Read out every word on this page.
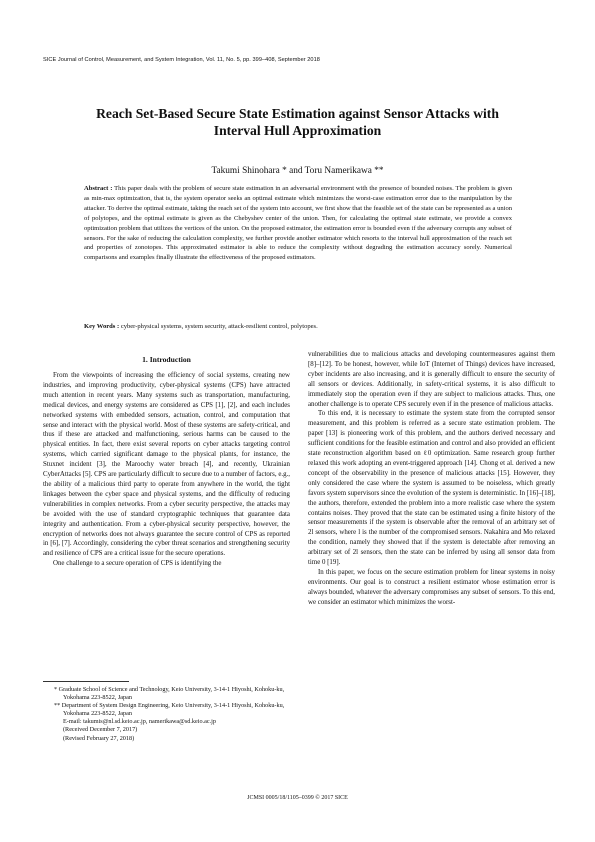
SICE Journal of Control, Measurement, and System Integration, Vol. 11, No. 5, pp. 399–408, September 2018
Reach Set-Based Secure State Estimation against Sensor Attacks with
Interval Hull Approximation
Takumi Shinohara * and Toru Namerikawa **
Abstract : This paper deals with the problem of secure state estimation in an adversarial environment with the presence of bounded noises. The problem is given as min-max optimization, that is, the system operator seeks an optimal estimate which minimizes the worst-case estimation error due to the manipulation by the attacker. To derive the optimal estimate, taking the reach set of the system into account, we first show that the feasible set of the state can be represented as a union of polytopes, and the optimal estimate is given as the Chebyshev center of the union. Then, for calculating the optimal state estimate, we provide a convex optimization problem that utilizes the vertices of the union. On the proposed estimator, the estimation error is bounded even if the adversary corrupts any subset of sensors. For the sake of reducing the calculation complexity, we further provide another estimator which resorts to the interval hull approximation of the reach set and properties of zonotopes. This approximated estimator is able to reduce the complexity without degrading the estimation accuracy sorely. Numerical comparisons and examples finally illustrate the effectiveness of the proposed estimators.
Key Words : cyber-physical systems, system security, attack-resilient control, polytopes.
1. Introduction

From the viewpoints of increasing the efficiency of social systems, creating new industries, and improving productivity, cyber-physical systems (CPS) have attracted much attention in recent years. Many systems such as transportation, manufacturing, medical devices, and energy systems are considered as CPS [1], [2], and each includes networked systems with embedded sensors, actuation, control, and computation that sense and interact with the physical world. Most of these systems are safety-critical, and thus if these are attacked and malfunctioning, serious harms can be caused to the physical entities. In fact, there exist several reports on cyber attacks targeting control systems, which carried significant damage to the physical plants, for instance, the Stuxnet incident [3], the Maroochy water breach [4], and recently, Ukrainian CyberAttacks [5]. CPS are particularly difficult to secure due to a number of factors, e.g., the ability of a malicious third party to operate from anywhere in the world, the tight linkages between the cyber space and physical systems, and the difficulty of reducing vulnerabilities in complex networks. From a cyber security perspective, the attacks may be avoided with the use of standard cryptographic techniques that guarantee data integrity and authentication. From a cyber-physical security perspective, however, the encryption of networks does not always guarantee the secure control of CPS as reported in [6], [7]. Accordingly, considering the cyber threat scenarios and strengthening security and resilience of CPS are a critical issue for the secure operations.

One challenge to a secure operation of CPS is identifying the

vulnerabilities due to malicious attacks and developing countermeasures against them [8]–[12]. To be honest, however, while IoT (Internet of Things) devices have increased, cyber incidents are also increasing, and it is generally difficult to ensure the security of all sensors or devices. Additionally, in safety-critical systems, it is also difficult to immediately stop the operation even if they are subject to malicious attacks. Thus, one another challenge is to operate CPS securely even if in the presence of malicious attacks.

To this end, it is necessary to estimate the system state from the corrupted sensor measurement, and this problem is referred as a secure state estimation problem. The paper [13] is pioneering work of this problem, and the authors derived necessary and sufficient conditions for the feasible estimation and control and also provided an efficient state reconstruction algorithm based on ℓ0 optimization. Same research group further relaxed this work adopting an event-triggered approach [14]. Chong et al. derived a new concept of the observability in the presence of malicious attacks [15]. However, they only considered the case where the system is assumed to be noiseless, which greatly favors system supervisors since the evolution of the system is deterministic. In [16]–[18], the authors, therefore, extended the problem into a more realistic case where the system contains noises. They proved that the state can be estimated using a finite history of the sensor measurements if the system is observable after the removal of an arbitrary set of 2l sensors, where l is the number of the compromised sensors. Nakahira and Mo relaxed the condition, namely they showed that if the system is detectable after removing an arbitrary set of 2l sensors, then the state can be inferred by using all sensor data from time 0 [19].

In this paper, we focus on the secure estimation problem for linear systems in noisy environments. Our goal is to construct a resilient estimator whose estimation error is always bounded, whatever the adversary compromises any subset of sensors. To this end, we consider an estimator which minimizes the worst-

* Graduate School of Science and Technology, Keio University, 3-14-1 Hiyoshi, Kohoku-ku, Yokohama 223-8522, Japan
** Department of System Design Engineering, Keio University, 3-14-1 Hiyoshi, Kohoku-ku, Yokohama 223-8522, Japan
E-mail: takumis@nl.sd.keio.ac.jp, namerikawa@sd.keio.ac.jp
(Received December 7, 2017)
(Revised February 27, 2018)
JCMSI 0005/18/1105–0399 © 2017 SICE
